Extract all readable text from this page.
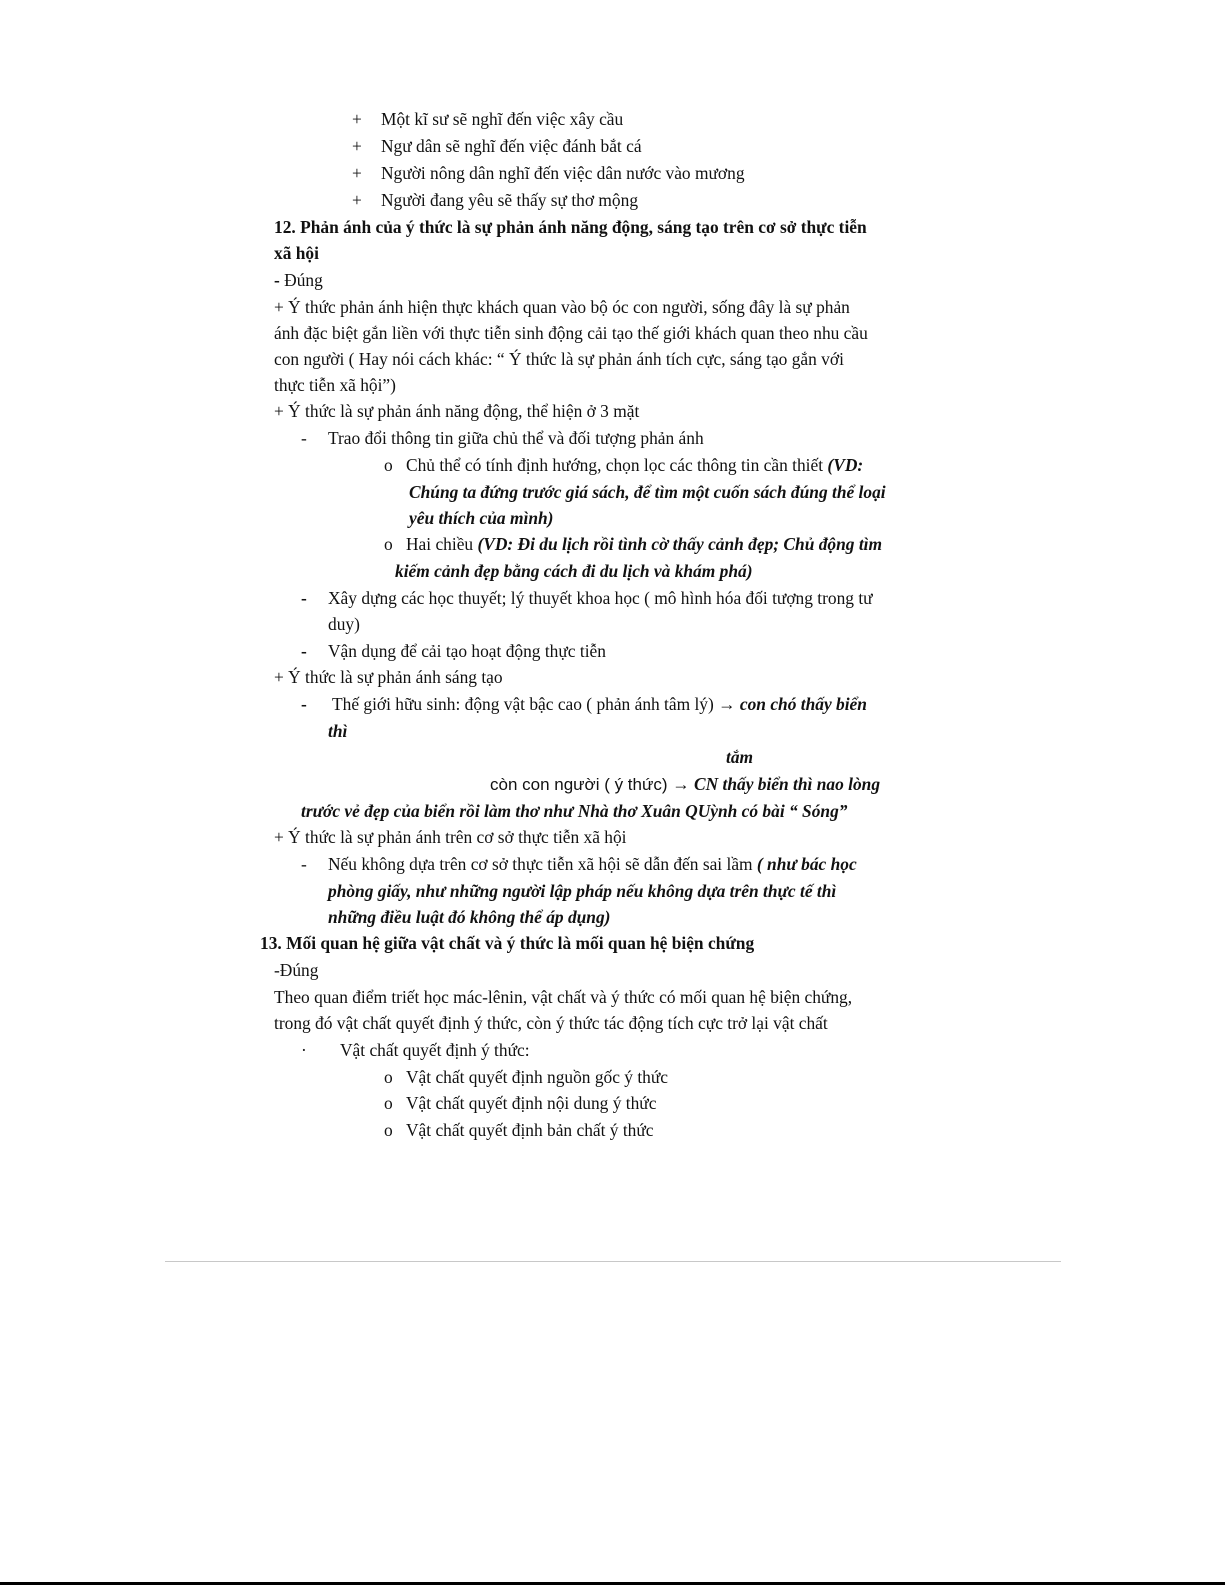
+ Một kĩ sư sẽ nghĩ đến việc xây cầu
+ Ngư dân sẽ nghĩ đến việc đánh bắt cá
+ Người nông dân nghĩ đến việc dân nước vào mương
+ Người đang yêu sẽ thấy sự thơ mộng
12. Phản ánh của ý thức là sự phản ánh năng động, sáng tạo trên cơ sở thực tiễn
xã hội
- Đúng
+ Ý thức phản ánh hiện thực khách quan vào bộ óc con người, sống đây là sự phản
ánh đặc biệt gắn liền với thực tiễn sinh động cải tạo thế giới khách quan theo nhu cầu
con người ( Hay nói cách khác: “ Ý thức là sự phản ánh tích cực, sáng tạo gắn với
thực tiễn xã hội”)
+ Ý thức là sự phản ánh năng động, thể hiện ở 3 mặt
- Trao đổi thông tin giữa chủ thể và đối tượng phản ánh
o Chủ thể có tính định hướng, chọn lọc các thông tin cần thiết (VD:
Chúng ta đứng trước giá sách, để tìm một cuốn sách đúng thể loại
yêu thích của mình)
o Hai chiều (VD: Đi du lịch rồi tình cờ thấy cảnh đẹp; Chủ động tìm
kiếm cảnh đẹp bằng cách đi du lịch và khám phá)
- Xây dựng các học thuyết; lý thuyết khoa học ( mô hình hóa đối tượng trong tư
duy)
- Vận dụng để cải tạo hoạt động thực tiễn
+ Ý thức là sự phản ánh sáng tạo
- Thế giới hữu sinh: động vật bậc cao ( phản ánh tâm lý) → con chó thấy biển
thì
tắm
còn con người ( ý thức) → CN thấy biển thì nao lòng
trước vẻ đẹp của biển rồi làm thơ như Nhà thơ Xuân QUỳnh có bài “ Sóng”
+ Ý thức là sự phản ánh trên cơ sở thực tiễn xã hội
- Nếu không dựa trên cơ sở thực tiễn xã hội sẽ dẫn đến sai lầm ( như bác học
phòng giấy, như những người lập pháp nếu không dựa trên thực tế thì
những điều luật đó không thể áp dụng)
13. Mối quan hệ giữa vật chất và ý thức là mối quan hệ biện chứng
-Đúng
Theo quan điểm triết học mác-lênin, vật chất và ý thức có mối quan hệ biện chứng,
trong đó vật chất quyết định ý thức, còn ý thức tác động tích cực trở lại vật chất
· Vật chất quyết định ý thức:
o Vật chất quyết định nguồn gốc ý thức
o Vật chất quyết định nội dung ý thức
o Vật chất quyết định bản chất ý thức
